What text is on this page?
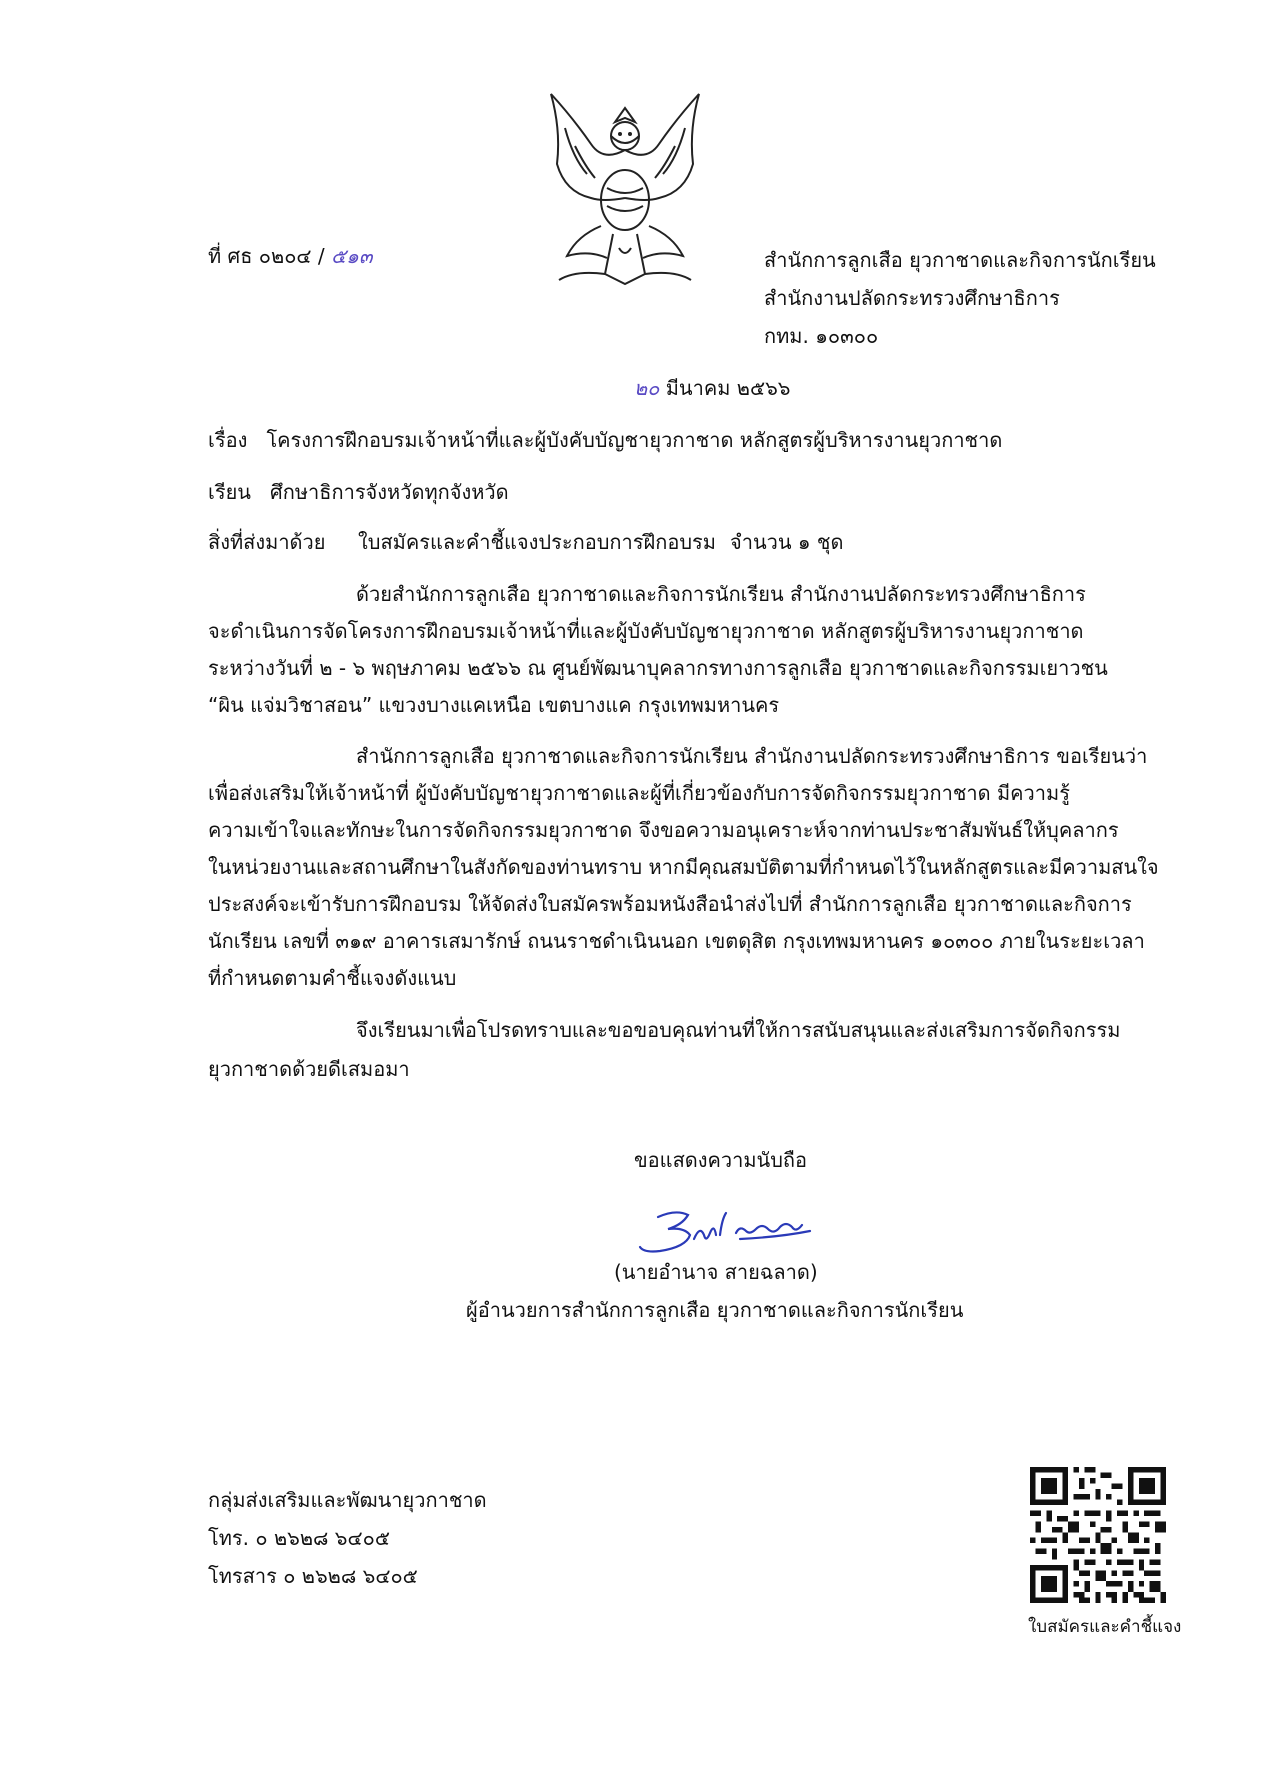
ที่ ศธ ๐๒๐๔ / ๕๑๓	สำนักการลูกเสือ ยุวกาชาดและกิจการนักเรียน
สำนักงานปลัดกระทรวงศึกษาธิการ
กทม. ๑๐๓๐๐
๒๐ มีนาคม ๒๕๖๖
เรื่อง โครงการฝึกอบรมเจ้าหน้าที่และผู้บังคับบัญชายุวกาชาด หลักสูตรผู้บริหารงานยุวกาชาด
เรียน ศึกษาธิการจังหวัดทุกจังหวัด
สิ่งที่ส่งมาด้วย ใบสมัครและคำชี้แจงประกอบการฝึกอบรม จำนวน ๑ ชุด
ด้วยสำนักการลูกเสือ ยุวกาชาดและกิจการนักเรียน สำนักงานปลัดกระทรวงศึกษาธิการ
จะดำเนินการจัดโครงการฝึกอบรมเจ้าหน้าที่และผู้บังคับบัญชายุวกาชาด หลักสูตรผู้บริหารงานยุวกาชาด
ระหว่างวันที่ ๒ - ๖ พฤษภาคม ๒๕๖๖ ณ ศูนย์พัฒนาบุคลากรทางการลูกเสือ ยุวกาชาดและกิจกรรมเยาวชน
“ผิน แจ่มวิชาสอน” แขวงบางแคเหนือ เขตบางแค กรุงเทพมหานคร
สำนักการลูกเสือ ยุวกาชาดและกิจการนักเรียน สำนักงานปลัดกระทรวงศึกษาธิการ ขอเรียนว่า
เพื่อส่งเสริมให้เจ้าหน้าที่ ผู้บังคับบัญชายุวกาชาดและผู้ที่เกี่ยวข้องกับการจัดกิจกรรมยุวกาชาด มีความรู้
ความเข้าใจและทักษะในการจัดกิจกรรมยุวกาชาด จึงขอความอนุเคราะห์จากท่านประชาสัมพันธ์ให้บุคลากร
ในหน่วยงานและสถานศึกษาในสังกัดของท่านทราบ หากมีคุณสมบัติตามที่กำหนดไว้ในหลักสูตรและมีความสนใจ
ประสงค์จะเข้ารับการฝึกอบรม ให้จัดส่งใบสมัครพร้อมหนังสือนำส่งไปที่ สำนักการลูกเสือ ยุวกาชาดและกิจการ
นักเรียน เลขที่ ๓๑๙ อาคารเสมารักษ์ ถนนราชดำเนินนอก เขตดุสิต กรุงเทพมหานคร ๑๐๓๐๐ ภายในระยะเวลา
ที่กำหนดตามคำชี้แจงดังแนบ
จึงเรียนมาเพื่อโปรดทราบและขอขอบคุณท่านที่ให้การสนับสนุนและส่งเสริมการจัดกิจกรรม
ยุวกาชาดด้วยดีเสมอมา
ขอแสดงความนับถือ
(นายอำนาจ สายฉลาด)
ผู้อำนวยการสำนักการลูกเสือ ยุวกาชาดและกิจการนักเรียน
กลุ่มส่งเสริมและพัฒนายุวกาชาด
โทร. ๐ ๒๖๒๘ ๖๔๐๕
โทรสาร ๐ ๒๖๒๘ ๖๔๐๕
ใบสมัครและคำชี้แจง
